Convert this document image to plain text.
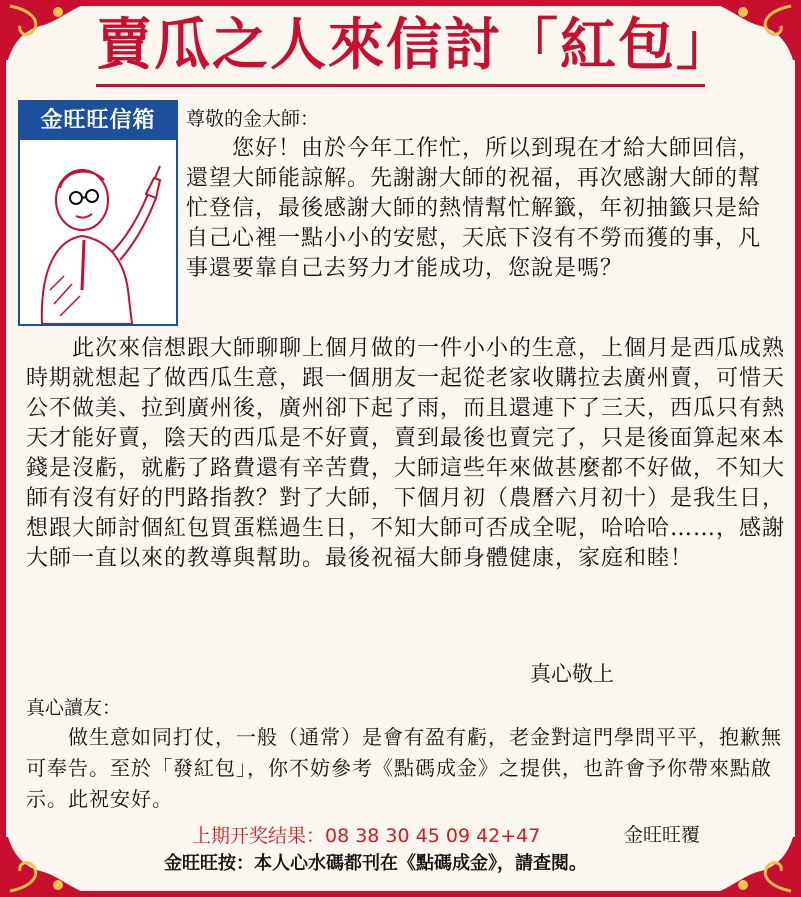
賣瓜之人來信討「紅包」
金旺旺信箱	尊敬的金大師：
　　您好！由於今年工作忙，所以到現在才給大師回信，還望大師能諒解。先謝謝大師的祝福，再次感謝大師的幫忙登信，最後感謝大師的熱情幫忙解籤，年初抽籤只是給自己心裡一點小小的安慰，天底下沒有不勞而獲的事，凡事還要靠自己去努力才能成功，您說是嗎？
　　此次來信想跟大師聊聊上個月做的一件小小的生意，上個月是西瓜成熟時期就想起了做西瓜生意，跟一個朋友一起從老家收購拉去廣州賣，可惜天公不做美、拉到廣州後，廣州卻下起了雨，而且還連下了三天，西瓜只有熱天才能好賣，陰天的西瓜是不好賣，賣到最後也賣完了，只是後面算起來本錢是沒虧，就虧了路費還有辛苦費，大師這些年來做甚麼都不好做，不知大師有沒有好的門路指教？對了大師，下個月初（農曆六月初十）是我生日，想跟大師討個紅包買蛋糕過生日，不知大師可否成全呢，哈哈哈……，感謝大師一直以來的教導與幫助。最後祝福大師身體健康，家庭和睦！
真心敬上
真心讀友：
　　做生意如同打仗，一般（通常）是會有盈有虧，老金對這門學問平平，抱歉無可奉告。至於「發紅包」，你不妨參考《點碼成金》之提供，也許會予你帶來點啟示。此祝安好。
上期开奖结果：08 38 30 45 09 42+47	金旺旺覆
金旺旺按：本人心水碼都刊在《點碼成金》，請查閱。
